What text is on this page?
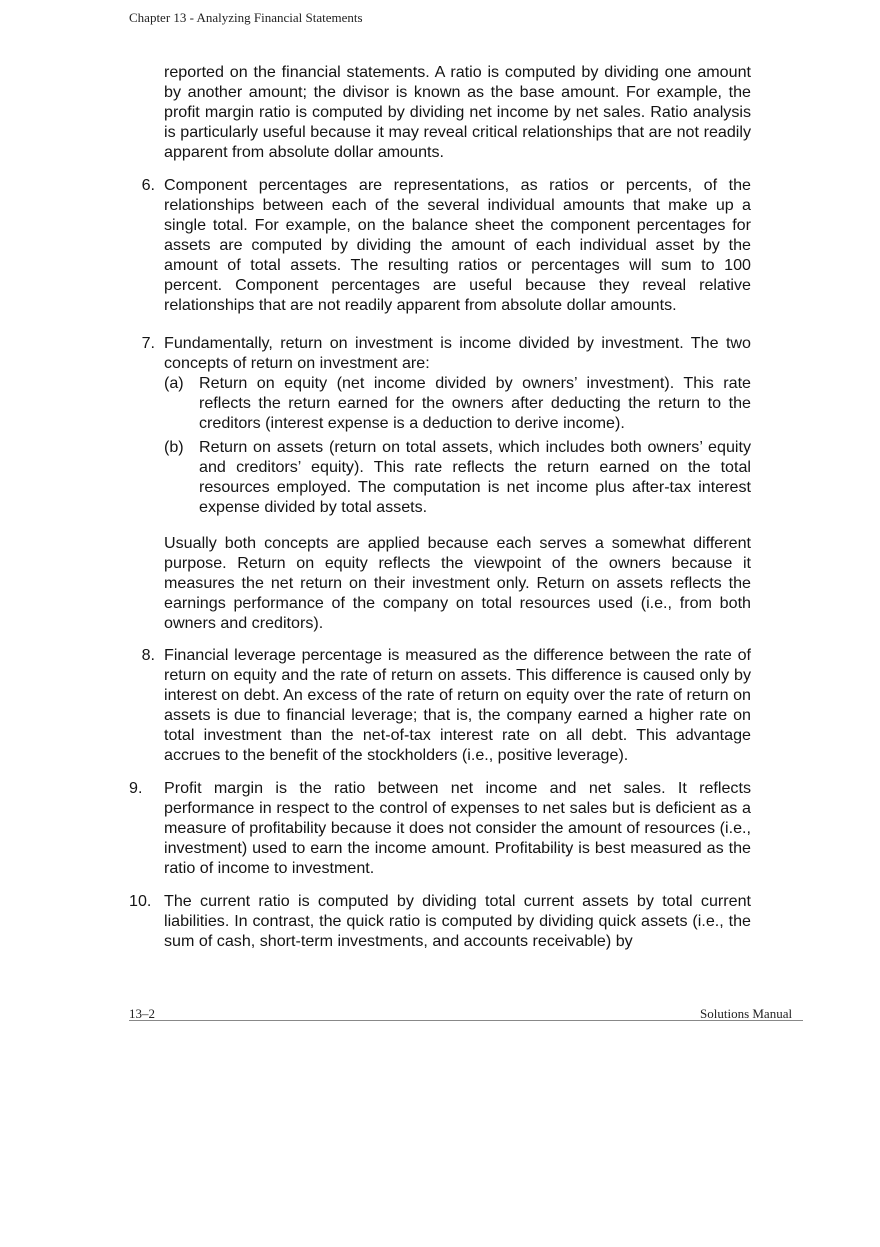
Chapter 13 - Analyzing Financial Statements

reported on the financial statements. A ratio is computed by dividing one amount by another amount; the divisor is known as the base amount. For example, the profit margin ratio is computed by dividing net income by net sales. Ratio analysis is particularly useful because it may reveal critical relationships that are not readily apparent from absolute dollar amounts.

6. Component percentages are representations, as ratios or percents, of the relationships between each of the several individual amounts that make up a single total. For example, on the balance sheet the component percentages for assets are computed by dividing the amount of each individual asset by the amount of total assets. The resulting ratios or percentages will sum to 100 percent. Component percentages are useful because they reveal relative relationships that are not readily apparent from absolute dollar amounts.

7. Fundamentally, return on investment is income divided by investment. The two concepts of return on investment are:

(a) Return on equity (net income divided by owners’ investment). This rate reflects the return earned for the owners after deducting the return to the creditors (interest expense is a deduction to derive income).

(b) Return on assets (return on total assets, which includes both owners’ equity and creditors’ equity). This rate reflects the return earned on the total resources employed. The computation is net income plus after-tax interest expense divided by total assets.

Usually both concepts are applied because each serves a somewhat different purpose. Return on equity reflects the viewpoint of the owners because it measures the net return on their investment only. Return on assets reflects the earnings performance of the company on total resources used (i.e., from both owners and creditors).

8. Financial leverage percentage is measured as the difference between the rate of return on equity and the rate of return on assets. This difference is caused only by interest on debt. An excess of the rate of return on equity over the rate of return on assets is due to financial leverage; that is, the company earned a higher rate on total investment than the net-of-tax interest rate on all debt. This advantage accrues to the benefit of the stockholders (i.e., positive leverage).

9.	Profit margin is the ratio between net income and net sales. It reflects performance in respect to the control of expenses to net sales but is deficient as a measure of profitability because it does not consider the amount of resources (i.e., investment) used to earn the income amount. Profitability is best measured as the ratio of income to investment.

10. The current ratio is computed by dividing total current assets by total current liabilities. In contrast, the quick ratio is computed by dividing quick assets (i.e., the sum of cash, short-term investments, and accounts receivable) by

13–2	Solutions Manual
